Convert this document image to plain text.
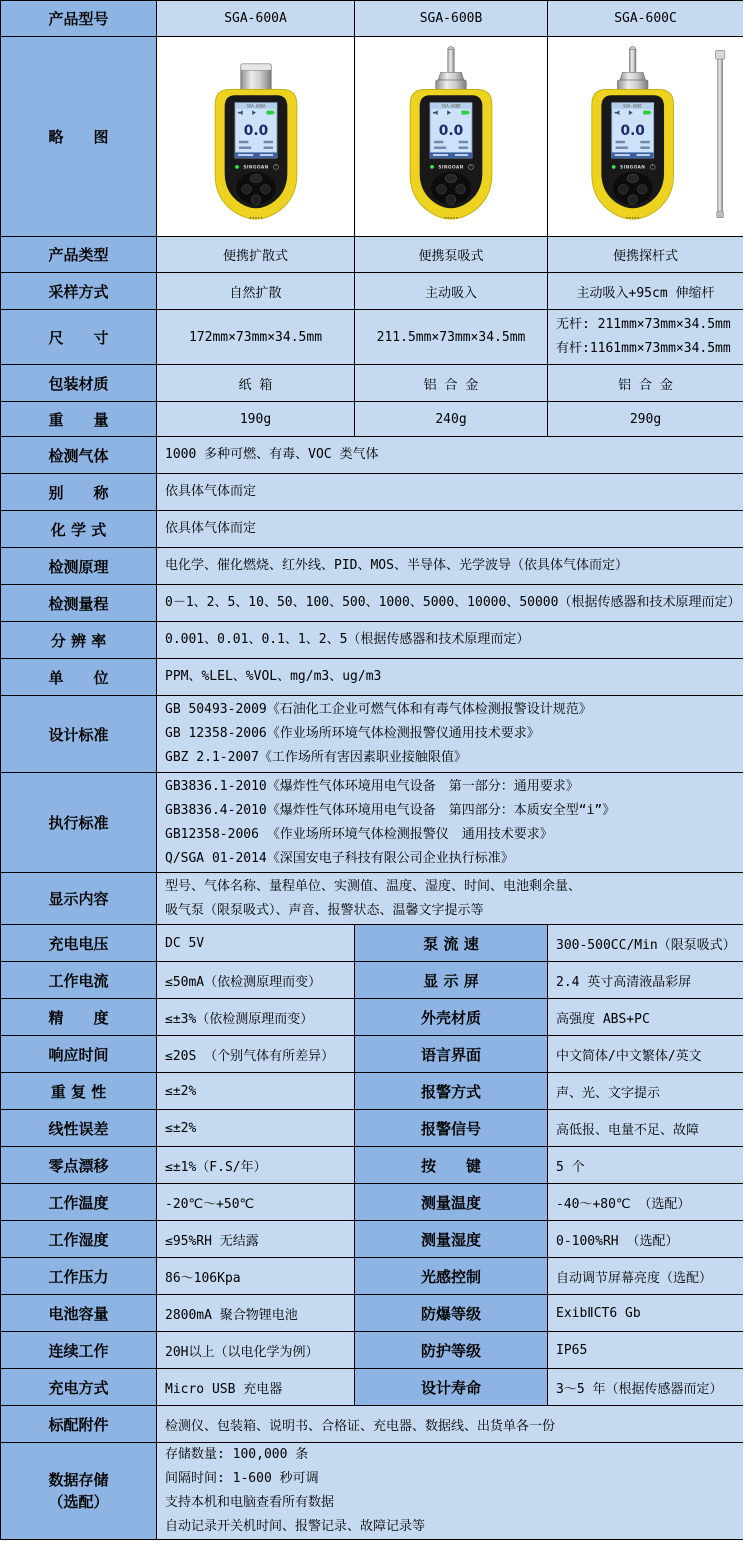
产品型号	SGA-600A	SGA-600B	SGA-600C
略　　图	SGA-600A
0.0
SINGOAN	SGA-600B
0.0
SINGOAN	SGA-600C
0.0
SINGOAN

产品类型	便携扩散式	便携泵吸式	便携探杆式
采样方式	自然扩散	主动吸入	主动吸入+95cm 伸缩杆
尺　　寸	172mm×73mm×34.5mm	211.5mm×73mm×34.5mm	无杆: 211mm×73mm×34.5mm
有杆:1161mm×73mm×34.5mm

包装材质	纸 箱	铝 合 金	铝 合 金
重　　量	190g	240g	290g
检测气体	1000 多种可燃、有毒、VOC 类气体		

别　　称	依具体气体而定		

化 学 式	依具体气体而定		

检测原理	电化学、催化燃烧、红外线、PID、MOS、半导体、光学波导（依具体气体而定）		

检测量程	0－1、2、5、10、50、100、500、1000、5000、10000、50000（根据传感器和技术原理而定）		

分 辨 率	0.001、0.01、0.1、1、2、5（根据传感器和技术原理而定）		

单　　位	PPM、%LEL、%VOL、mg/m3、ug/m3		

设计标准	GB 50493-2009《石油化工企业可燃气体和有毒气体检测报警设计规范》
GB 12358-2006《作业场所环境气体检测报警仪通用技术要求》
GBZ 2.1-2007《工作场所有害因素职业接触限值》		

执行标准	GB3836.1-2010《爆炸性气体环境用电气设备　第一部分：通用要求》
GB3836.4-2010《爆炸性气体环境用电气设备　第四部分：本质安全型“i”》
GB12358-2006 《作业场所环境气体检测报警仪　通用技术要求》
Q/SGA 01-2014《深国安电子科技有限公司企业执行标准》		

显示内容	型号、气体名称、量程单位、实测值、温度、湿度、时间、电池剩余量、
吸气泵（限泵吸式）、声音、报警状态、温馨文字提示等		

充电电压	DC 5V	泵 流 速	300-500CC/Min（限泵吸式）
工作电流	≤50mA（依检测原理而变）	显 示 屏	2.4 英寸高清液晶彩屏
精　　度	≤±3%（依检测原理而变）	外壳材质	高强度 ABS+PC
响应时间	≤20S （个别气体有所差异）	语言界面	中文简体/中文繁体/英文
重 复 性	≤±2%	报警方式	声、光、文字提示
线性误差	≤±2%	报警信号	高低报、电量不足、故障
零点漂移	≤±1%（F.S/年）	按　　键	5 个
工作温度	-20℃～+50℃	测量温度	-40～+80℃ （选配）
工作湿度	≤95%RH 无结露	测量湿度	0-100%RH （选配）
工作压力	86～106Kpa	光感控制	自动调节屏幕亮度（选配）
电池容量	2800mA 聚合物锂电池	防爆等级	ExibⅡCT6 Gb
连续工作	20H以上（以电化学为例）	防护等级	IP65
充电方式	Micro USB 充电器	设计寿命	3～5 年（根据传感器而定）
标配附件	检测仪、包装箱、说明书、合格证、充电器、数据线、出货单各一份		

数据存储
（选配）

存储数量: 100,000 条
间隔时间: 1-600 秒可调
支持本机和电脑查看所有数据
自动记录开关机时间、报警记录、故障记录等
